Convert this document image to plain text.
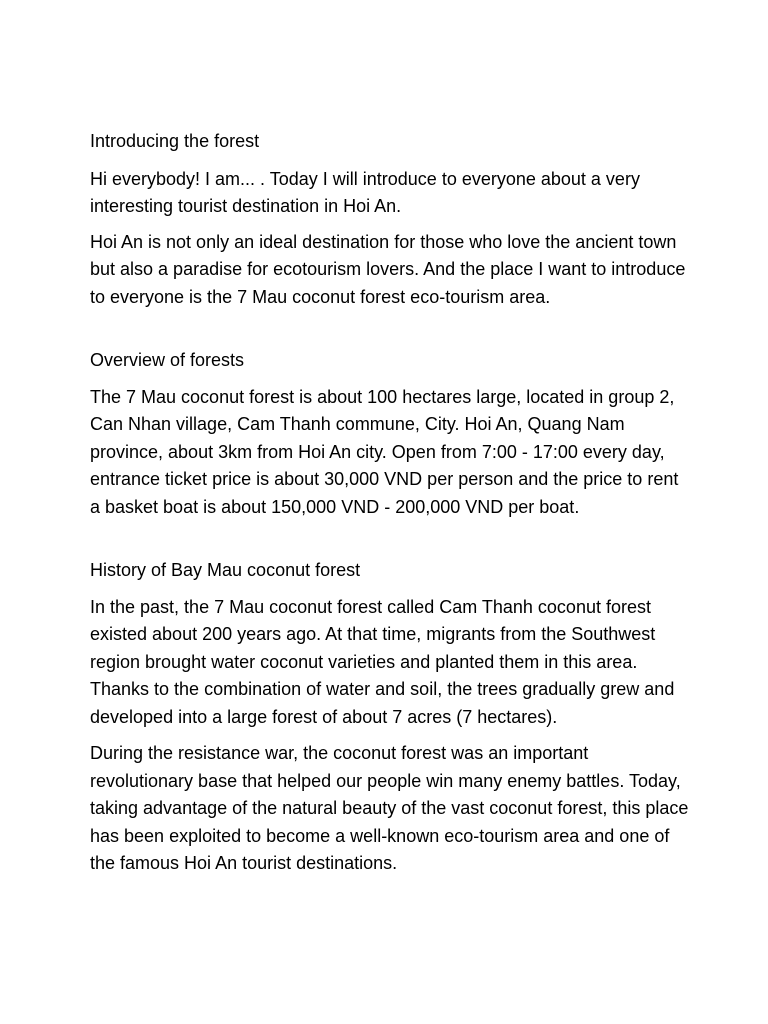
Introducing the forest

Hi everybody! I am... . Today I will introduce to everyone about a very interesting tourist destination in Hoi An.

Hoi An is not only an ideal destination for those who love the ancient town but also a paradise for ecotourism lovers. And the place I want to introduce to everyone is the 7 Mau coconut forest eco-tourism area.

Overview of forests

The 7 Mau coconut forest is about 100 hectares large, located in group 2, Can Nhan village, Cam Thanh commune, City. Hoi An, Quang Nam province, about 3km from Hoi An city. Open from 7:00 - 17:00 every day, entrance ticket price is about 30,000 VND per person and the price to rent a basket boat is about 150,000 VND - 200,000 VND per boat.

History of Bay Mau coconut forest

In the past, the 7 Mau coconut forest called Cam Thanh coconut forest existed about 200 years ago. At that time, migrants from the Southwest region brought water coconut varieties and planted them in this area. Thanks to the combination of water and soil, the trees gradually grew and developed into a large forest of about 7 acres (7 hectares).

During the resistance war, the coconut forest was an important revolutionary base that helped our people win many enemy battles. Today, taking advantage of the natural beauty of the vast coconut forest, this place has been exploited to become a well-known eco-tourism area and one of the famous Hoi An tourist destinations.
